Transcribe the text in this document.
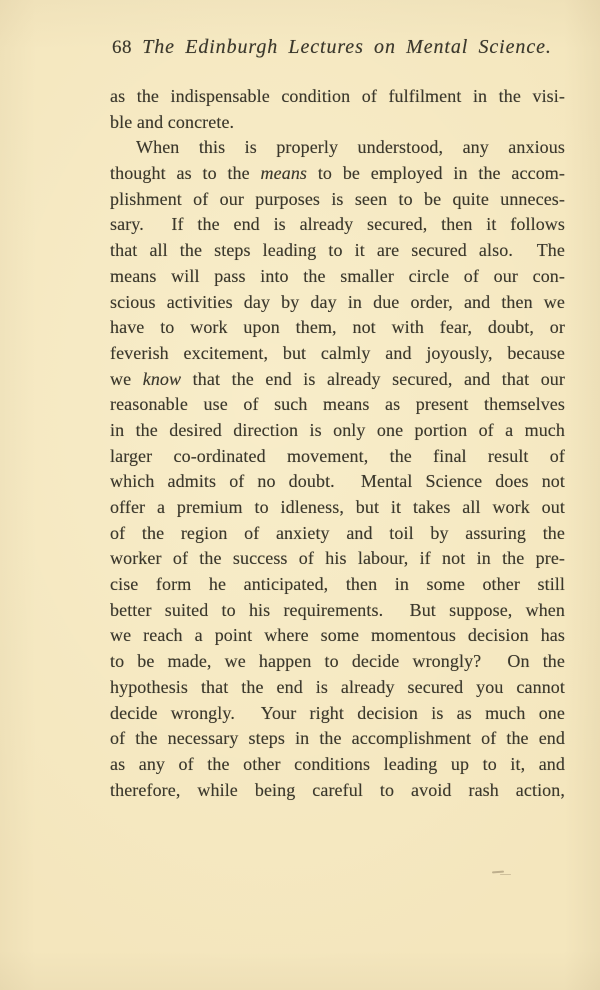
68 The Edinburgh Lectures on Mental Science.
as the indispensable condition of fulfilment in the visi-
ble and concrete.
When this is properly understood, any anxious
thought as to the means to be employed in the accom-
plishment of our purposes is seen to be quite unneces-
sary.  If the end is already secured, then it follows
that all the steps leading to it are secured also.  The
means will pass into the smaller circle of our con-
scious activities day by day in due order, and then we
have to work upon them, not with fear, doubt, or
feverish excitement, but calmly and joyously, because
we know that the end is already secured, and that our
reasonable use of such means as present themselves
in the desired direction is only one portion of a much
larger co-ordinated movement, the final result of
which admits of no doubt.  Mental Science does not
offer a premium to idleness, but it takes all work out
of the region of anxiety and toil by assuring the
worker of the success of his labour, if not in the pre-
cise form he anticipated, then in some other still
better suited to his requirements.  But suppose, when
we reach a point where some momentous decision has
to be made, we happen to decide wrongly?  On the
hypothesis that the end is already secured you cannot
decide wrongly.  Your right decision is as much one
of the necessary steps in the accomplishment of the end
as any of the other conditions leading up to it, and
therefore, while being careful to avoid rash action,
